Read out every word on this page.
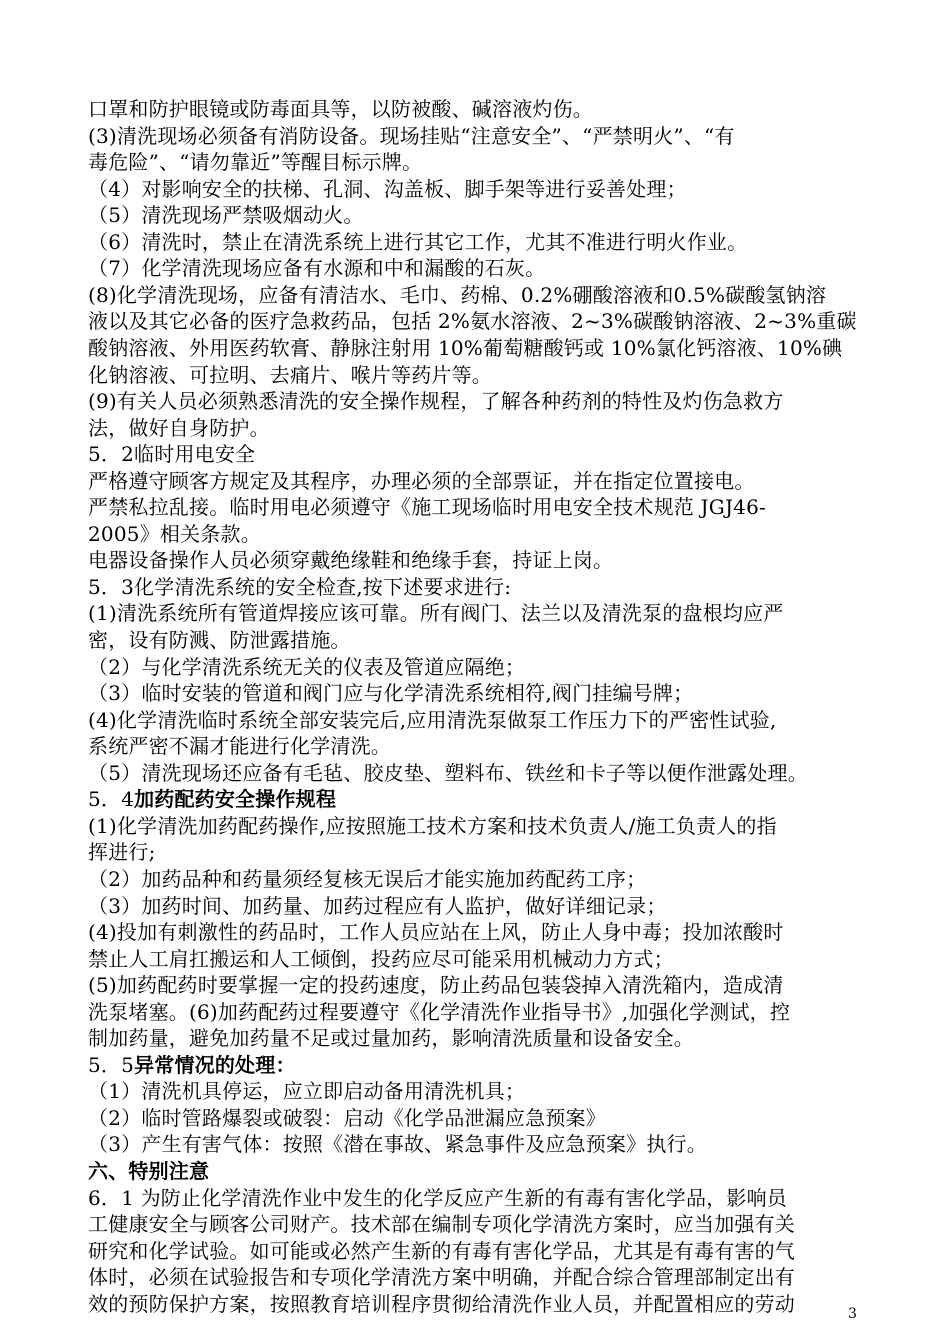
口罩和防护眼镜或防毒面具等，以防被酸、碱溶液灼伤。
(3)清洗现场必须备有消防设备。现场挂贴“注意安全”、“严禁明火”、“有
毒危险”、“请勿靠近”等醒目标示牌。
（4）对影响安全的扶梯、孔洞、沟盖板、脚手架等进行妥善处理；
（5）清洗现场严禁吸烟动火。
（6）清洗时，禁止在清洗系统上进行其它工作，尤其不准进行明火作业。
（7）化学清洗现场应备有水源和中和漏酸的石灰。
(8)化学清洗现场，应备有清洁水、毛巾、药棉、0.2%硼酸溶液和0.5%碳酸氢钠溶
液以及其它必备的医疗急救药品，包括 2%氨水溶液、2~3%碳酸钠溶液、2~3%重碳
酸钠溶液、外用医药软膏、静脉注射用 10%葡萄糖酸钙或 10%氯化钙溶液、10%碘
化钠溶液、可拉明、去痛片、喉片等药片等。
(9)有关人员必须熟悉清洗的安全操作规程，了解各种药剂的特性及灼伤急救方
法，做好自身防护。
5．2临时用电安全
严格遵守顾客方规定及其程序，办理必须的全部票证，并在指定位置接电。
严禁私拉乱接。临时用电必须遵守《施工现场临时用电安全技术规范 JGJ46-
2005》相关条款。
电器设备操作人员必须穿戴绝缘鞋和绝缘手套，持证上岗。
5．3化学清洗系统的安全检查,按下述要求进行:
(1)清洗系统所有管道焊接应该可靠。所有阀门、法兰以及清洗泵的盘根均应严
密，设有防溅、防泄露措施。
（2）与化学清洗系统无关的仪表及管道应隔绝；
（3）临时安装的管道和阀门应与化学清洗系统相符,阀门挂编号牌；
(4)化学清洗临时系统全部安装完后,应用清洗泵做泵工作压力下的严密性试验,
系统严密不漏才能进行化学清洗。
（5）清洗现场还应备有毛毡、胶皮垫、塑料布、铁丝和卡子等以便作泄露处理。
5．4加药配药安全操作规程
(1)化学清洗加药配药操作,应按照施工技术方案和技术负责人/施工负责人的指
挥进行;
（2）加药品种和药量须经复核无误后才能实施加药配药工序；
（3）加药时间、加药量、加药过程应有人监护，做好详细记录；
(4)投加有刺激性的药品时，工作人员应站在上风，防止人身中毒；投加浓酸时
禁止人工肩扛搬运和人工倾倒，投药应尽可能采用机械动力方式；
(5)加药配药时要掌握一定的投药速度，防止药品包装袋掉入清洗箱内，造成清
洗泵堵塞。(6)加药配药过程要遵守《化学清洗作业指导书》,加强化学测试，控
制加药量，避免加药量不足或过量加药，影响清洗质量和设备安全。
5．5异常情况的处理：
（1）清洗机具停运，应立即启动备用清洗机具；
（2）临时管路爆裂或破裂：启动《化学品泄漏应急预案》
（3）产生有害气体：按照《潜在事故、紧急事件及应急预案》执行。
六、特别注意
6．1 为防止化学清洗作业中发生的化学反应产生新的有毒有害化学品，影响员
工健康安全与顾客公司财产。技术部在编制专项化学清洗方案时，应当加强有关
研究和化学试验。如可能或必然产生新的有毒有害化学品，尤其是有毒有害的气
体时，必须在试验报告和专项化学清洗方案中明确，并配合综合管理部制定出有
效的预防保护方案，按照教育培训程序贯彻给清洗作业人员，并配置相应的劳动	3
